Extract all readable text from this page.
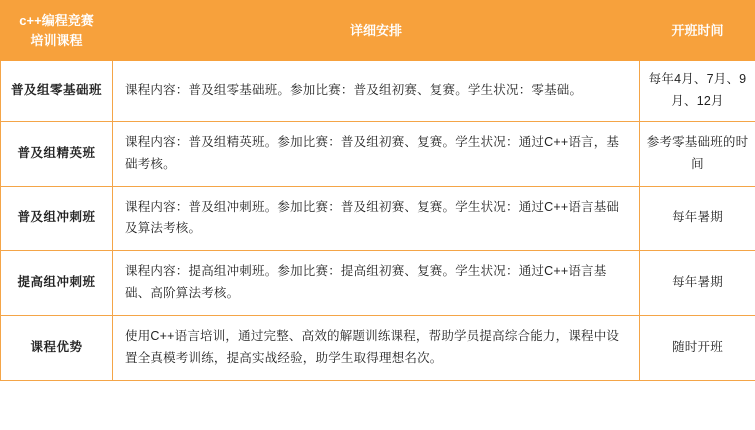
c++编程竞赛
培训课程	详细安排	开班时间
普及组零基础班	课程内容：普及组零基础班。参加比赛：普及组初赛、复赛。学生状况：零基础。	每年4月、7月、9月、12月
普及组精英班	课程内容：普及组精英班。参加比赛：普及组初赛、复赛。学生状况：通过C++语言，基础考核。	参考零基础班的时间
普及组冲刺班	课程内容：普及组冲刺班。参加比赛：普及组初赛、复赛。学生状况：通过C++语言基础及算法考核。	每年暑期
提高组冲刺班	课程内容：提高组冲刺班。参加比赛：提高组初赛、复赛。学生状况：通过C++语言基础、高阶算法考核。	每年暑期
课程优势	使用C++语言培训，通过完整、高效的解题训练课程，帮助学员提高综合能力，课程中设置全真模考训练，提高实战经验，助学生取得理想名次。	随时开班
